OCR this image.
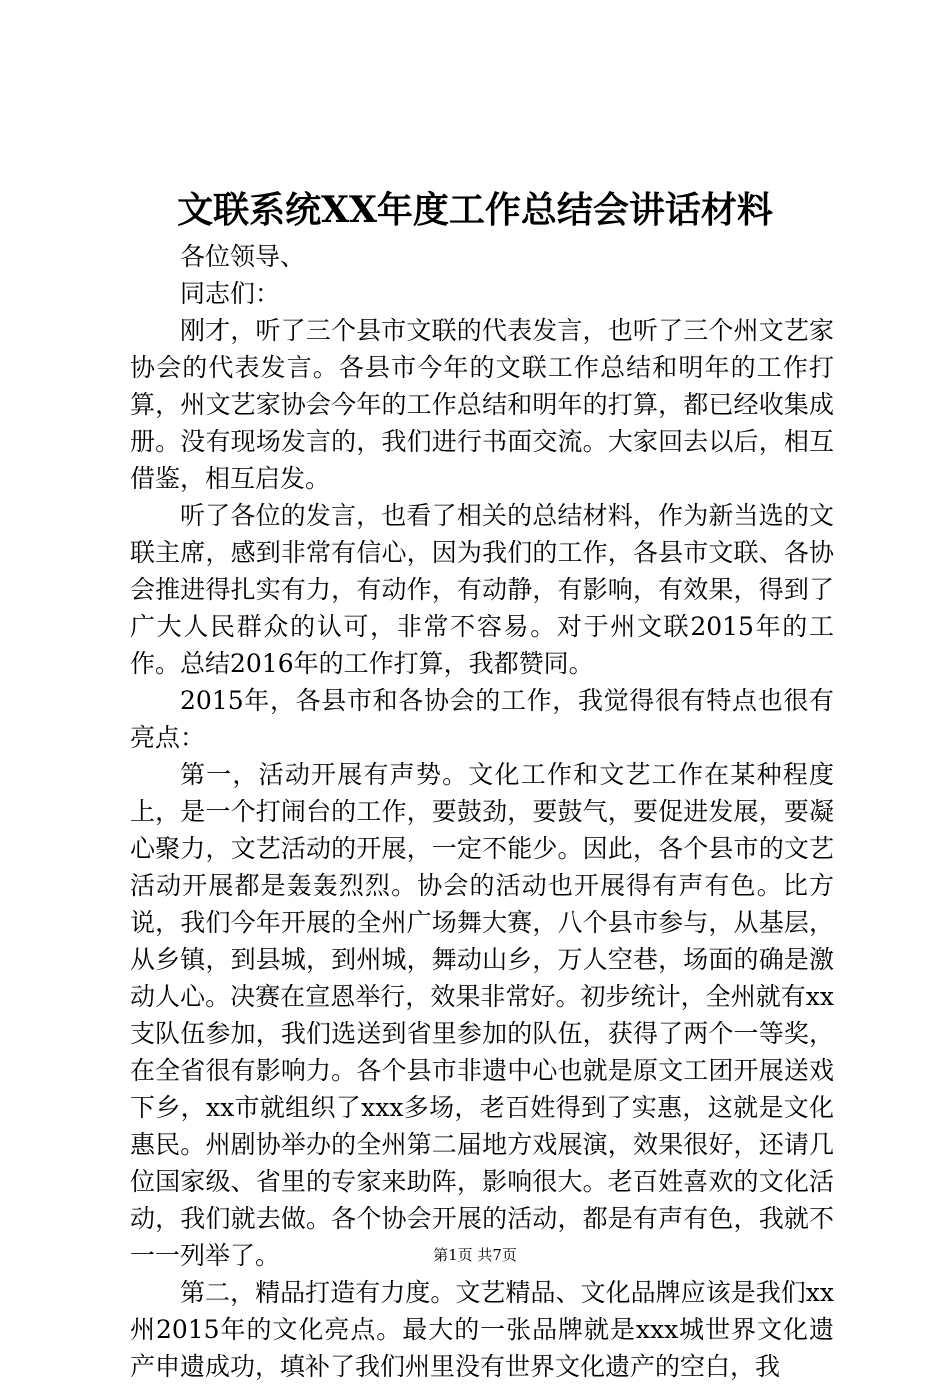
文联系统XX年度工作总结会讲话材料

各位领导、

同志们：

刚才，听了三个县市文联的代表发言，也听了三个州文艺家协会的代表发言。各县市今年的文联工作总结和明年的工作打算，州文艺家协会今年的工作总结和明年的打算，都已经收集成册。没有现场发言的，我们进行书面交流。大家回去以后，相互借鉴，相互启发。

听了各位的发言，也看了相关的总结材料，作为新当选的文联主席，感到非常有信心，因为我们的工作，各县市文联、各协会推进得扎实有力，有动作，有动静，有影响，有效果，得到了广大人民群众的认可，非常不容易。对于州文联2015年的工作。总结2016年的工作打算，我都赞同。

2015年，各县市和各协会的工作，我觉得很有特点也很有亮点：

第一，活动开展有声势。文化工作和文艺工作在某种程度上，是一个打闹台的工作，要鼓劲，要鼓气，要促进发展，要凝心聚力，文艺活动的开展，一定不能少。因此，各个县市的文艺活动开展都是轰轰烈烈。协会的活动也开展得有声有色。比方说，我们今年开展的全州广场舞大赛，八个县市参与，从基层，从乡镇，到县城，到州城，舞动山乡，万人空巷，场面的确是激动人心。决赛在宣恩举行，效果非常好。初步统计，全州就有xx支队伍参加，我们选送到省里参加的队伍，获得了两个一等奖，在全省很有影响力。各个县市非遗中心也就是原文工团开展送戏下乡，xx市就组织了xxx多场，老百姓得到了实惠，这就是文化惠民。州剧协举办的全州第二届地方戏展演，效果很好，还请几位国家级、省里的专家来助阵，影响很大。老百姓喜欢的文化活动，我们就去做。各个协会开展的活动，都是有声有色，我就不一一列举了。

第二，精品打造有力度。文艺精品、文化品牌应该是我们xx州2015年的文化亮点。最大的一张品牌就是xxx城世界文化遗产申遗成功，填补了我们州里没有世界文化遗产的空白，我

第1页 共7页
